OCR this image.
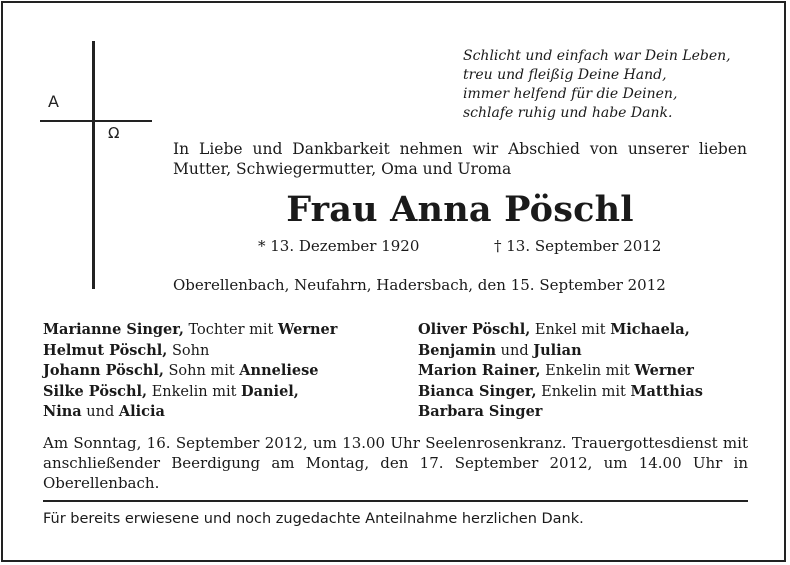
A
Ω
Schlicht und einfach war Dein Leben,
treu und fleißig Deine Hand,
immer helfend für die Deinen,
schlafe ruhig und habe Dank.
In Liebe und Dankbarkeit nehmen wir Abschied von unserer lieben Mutter, Schwiegermutter, Oma und Uroma
Frau Anna Pöschl
* 13. Dezember 1920	† 13. September 2012
Oberellenbach, Neufahrn, Hadersbach, den 15. September 2012
Marianne Singer, Tochter mit Werner
Helmut Pöschl, Sohn
Johann Pöschl, Sohn mit Anneliese
Silke Pöschl, Enkelin mit Daniel,
Nina und Alicia
Oliver Pöschl, Enkel mit Michaela,
Benjamin und Julian
Marion Rainer, Enkelin mit Werner
Bianca Singer, Enkelin mit Matthias
Barbara Singer
Am Sonntag, 16. September 2012, um 13.00 Uhr Seelenrosenkranz. Trauergottesdienst mit anschließender Beerdigung am Montag, den 17. September 2012, um 14.00 Uhr in Oberellenbach.
Für bereits erwiesene und noch zugedachte Anteilnahme herzlichen Dank.
